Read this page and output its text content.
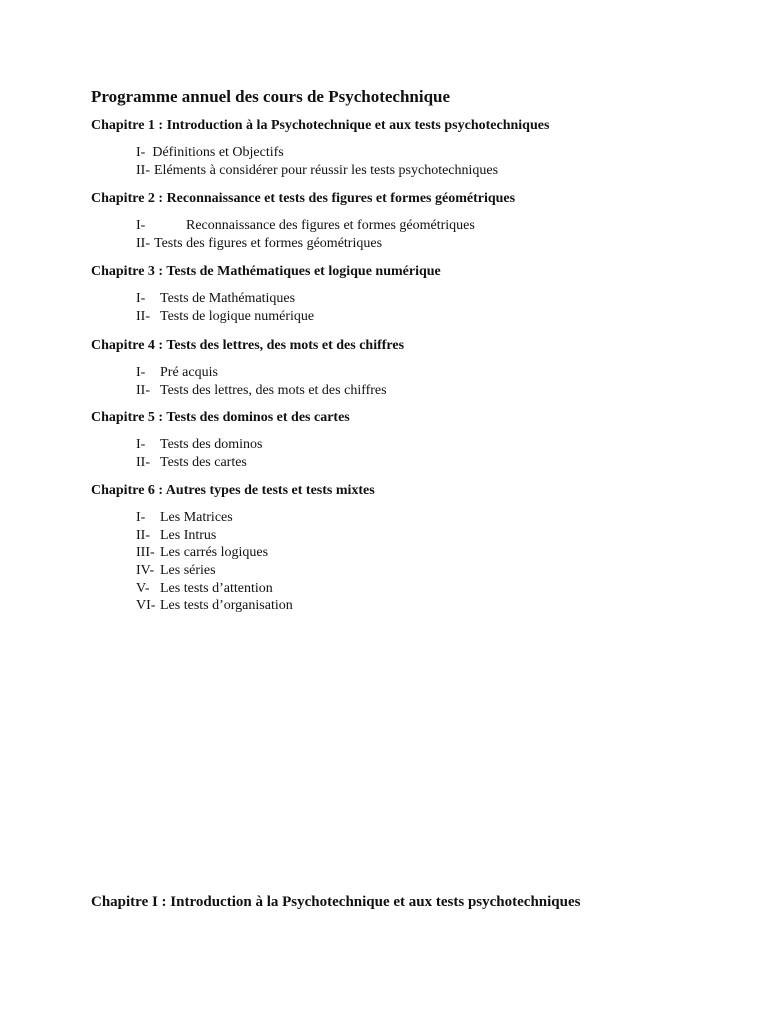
Programme annuel des cours de Psychotechnique
Chapitre 1 : Introduction à la Psychotechnique et aux tests psychotechniques
I- Définitions et Objectifs
II- Eléments à considérer pour réussir les tests psychotechniques
Chapitre 2 : Reconnaissance et tests des figures et formes géométriques
I-	Reconnaissance des figures et formes géométriques
II- Tests des figures et formes géométriques
Chapitre 3 : Tests de Mathématiques et logique numérique
I- Tests de Mathématiques
II- Tests de logique numérique
Chapitre 4 : Tests des lettres, des mots et des chiffres
I- Pré acquis
II- Tests des lettres, des mots et des chiffres
Chapitre 5 : Tests des dominos et des cartes
I- Tests des dominos
II- Tests des cartes
Chapitre 6 : Autres types de tests et tests mixtes
I- Les Matrices
II- Les Intrus
III- Les carrés logiques
IV- Les séries
V- Les tests d’attention
VI- Les tests d’organisation
Chapitre I : Introduction à la Psychotechnique et aux tests psychotechniques
